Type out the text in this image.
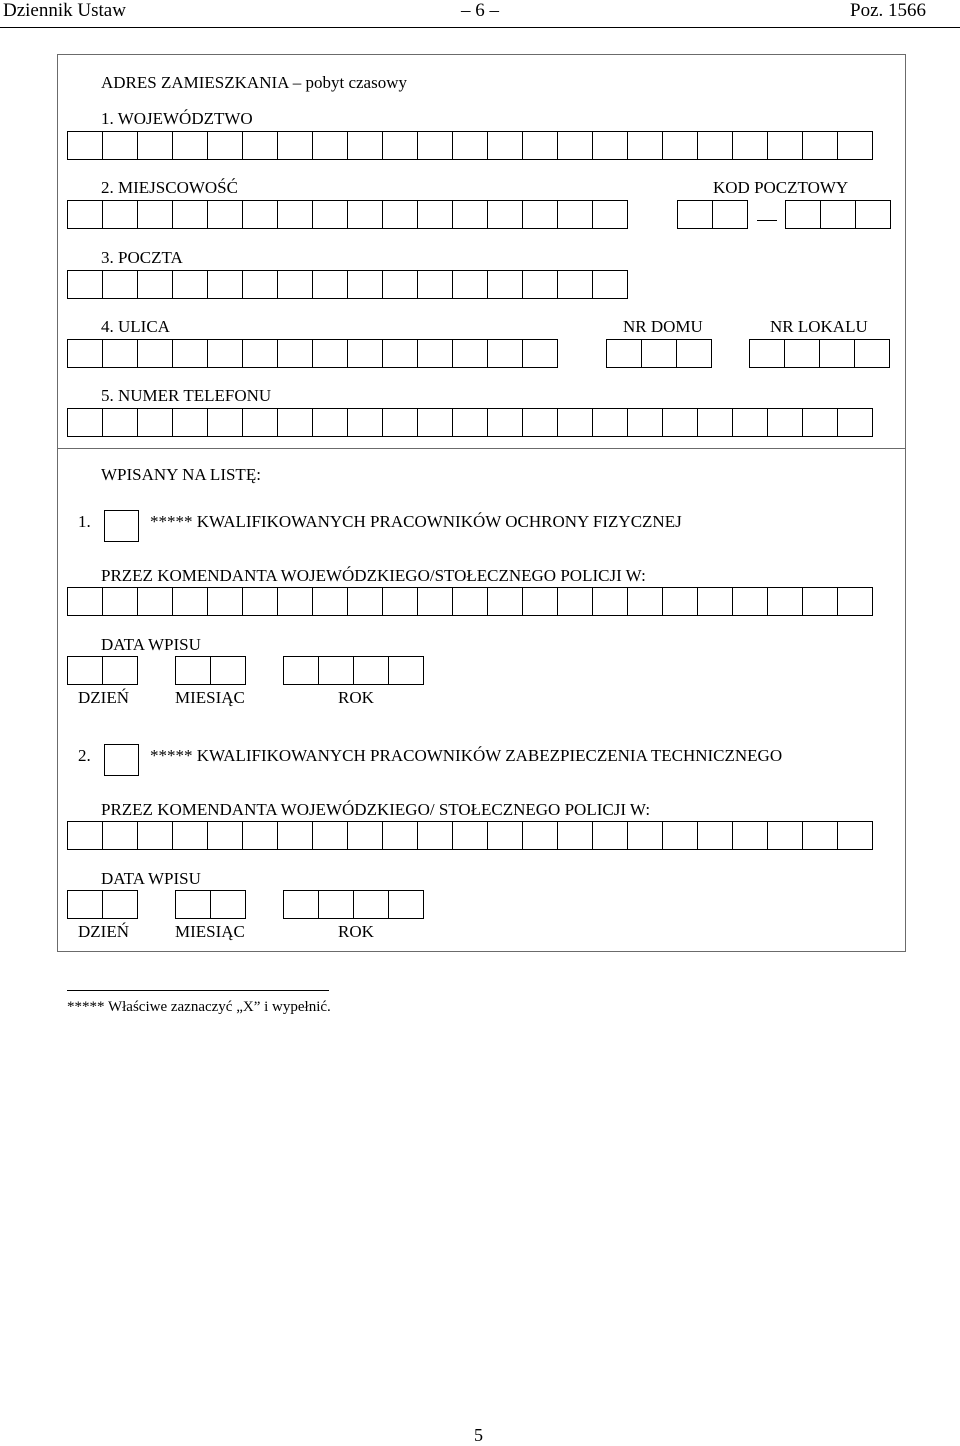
Dziennik Ustaw	– 6 –	Poz. 1566
ADRES ZAMIESZKANIA – pobyt czasowy
1. WOJEWÓDZTWO
2. MIEJSCOWOŚĆ	KOD POCZTOWY
3. POCZTA
4. ULICA	NR DOMU	NR LOKALU
5. NUMER TELEFONU
WPISANY NA LISTĘ:
1.	***** KWALIFIKOWANYCH PRACOWNIKÓW OCHRONY FIZYCZNEJ
PRZEZ KOMENDANTA WOJEWÓDZKIEGO/STOŁECZNEGO POLICJI W:
DATA WPISU
DZIEŃ	MIESIĄC	ROK
2.	***** KWALIFIKOWANYCH PRACOWNIKÓW ZABEZPIECZENIA TECHNICZNEGO
PRZEZ KOMENDANTA WOJEWÓDZKIEGO/ STOŁECZNEGO POLICJI W:
DATA WPISU
DZIEŃ	MIESIĄC	ROK
***** Właściwe zaznaczyć „X” i wypełnić.
5
